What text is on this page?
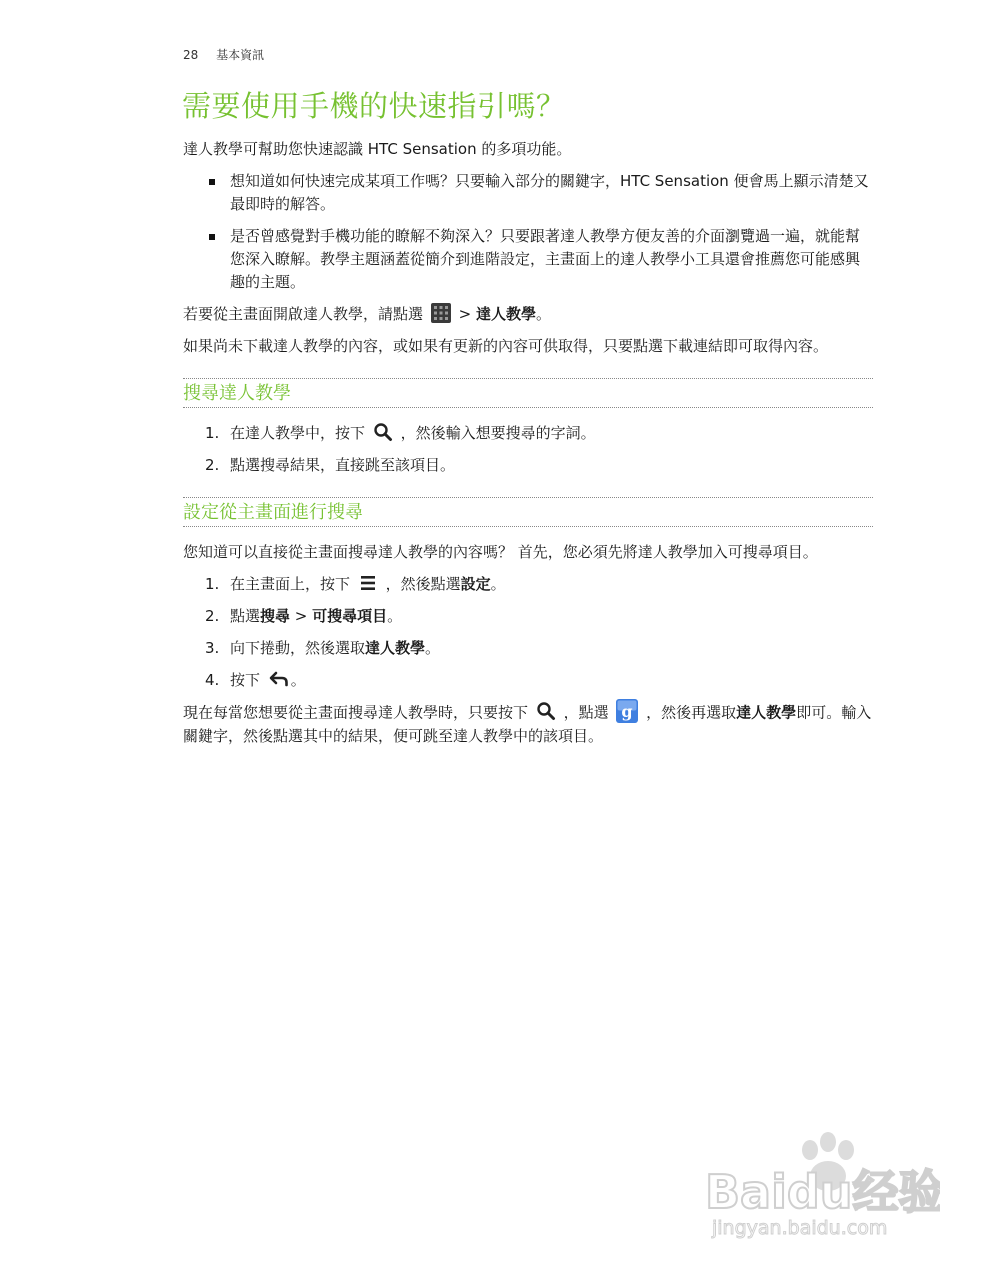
28 基本資訊
需要使用手機的快速指引嗎？

達人教學可幫助您快速認識 HTC Sensation 的多項功能。

想知道如何快速完成某項工作嗎？只要輸入部分的關鍵字，HTC Sensation 便會馬上顯示清楚又最即時的解答。
是否曾感覺對手機功能的瞭解不夠深入？只要跟著達人教學方便友善的介面瀏覽過一遍，就能幫您深入瞭解。教學主題涵蓋從簡介到進階設定，主畫面上的達人教學小工具還會推薦您可能感興趣的主題。

若要從主畫面開啟達人教學，請點選 > 達人教學。

如果尚未下載達人教學的內容，或如果有更新的內容可供取得，只要點選下載連結即可取得內容。

搜尋達人教學
1. 在達人教學中，按下 ，然後輸入想要搜尋的字詞。
2. 點選搜尋結果，直接跳至該項目。
設定從主畫面進行搜尋

您知道可以直接從主畫面搜尋達人教學的內容嗎？ 首先，您必須先將達人教學加入可搜尋項目。

1. 在主畫面上，按下 ，然後點選設定。
2. 點選搜尋 > 可搜尋項目。
3. 向下捲動，然後選取達人教學。
4. 按下 。

現在每當您想要從主畫面搜尋達人教學時，只要按下 ，點選 g ，然後再選取達人教學即可。輸入關鍵字，然後點選其中的結果，便可跳至達人教學中的該項目。

Baidu经验
jingyan.baidu.com
